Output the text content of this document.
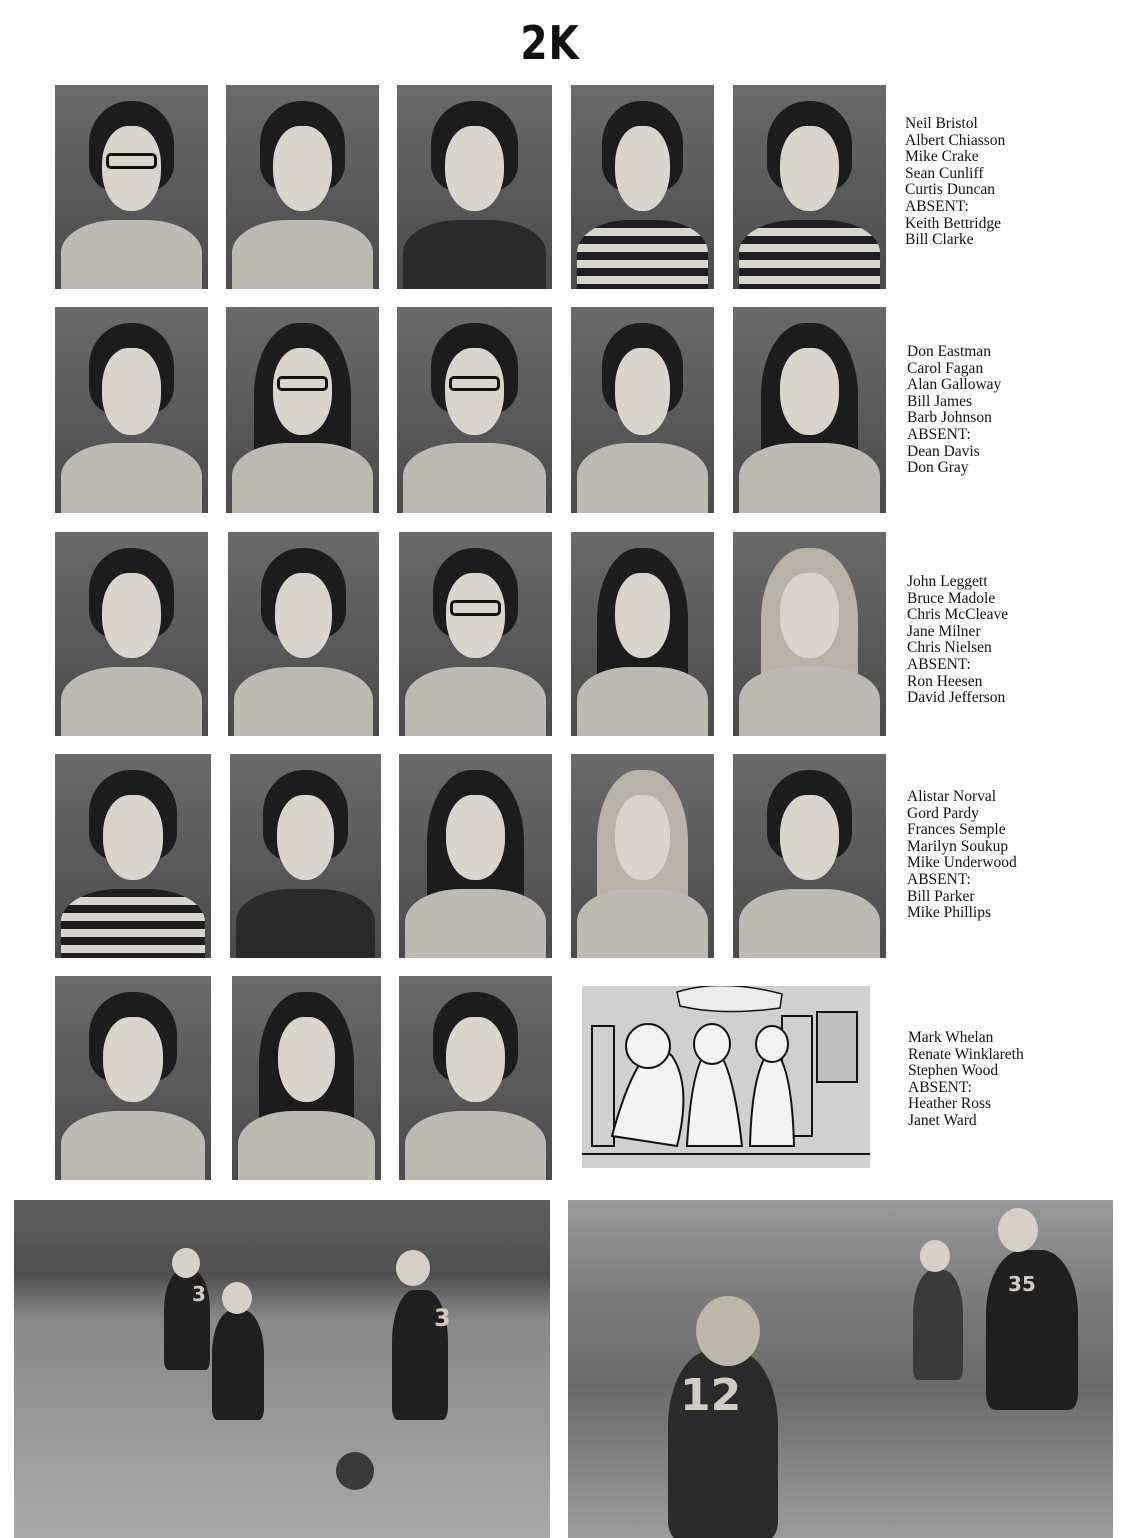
2K
Neil Bristol
Albert Chiasson
Mike Crake
Sean Cunliff
Curtis Duncan
ABSENT:
Keith Bettridge
Bill Clarke
Don Eastman
Carol Fagan
Alan Galloway
Bill James
Barb Johnson
ABSENT:
Dean Davis
Don Gray
John Leggett
Bruce Madole
Chris McCleave
Jane Milner
Chris Nielsen
ABSENT:
Ron Heesen
David Jefferson
Alistar Norval
Gord Pardy
Frances Semple
Marilyn Soukup
Mike Underwood
ABSENT:
Bill Parker
Mike Phillips
Mark Whelan
Renate Winklareth
Stephen Wood
ABSENT:
Heather Ross
Janet Ward
3
3
12
35
